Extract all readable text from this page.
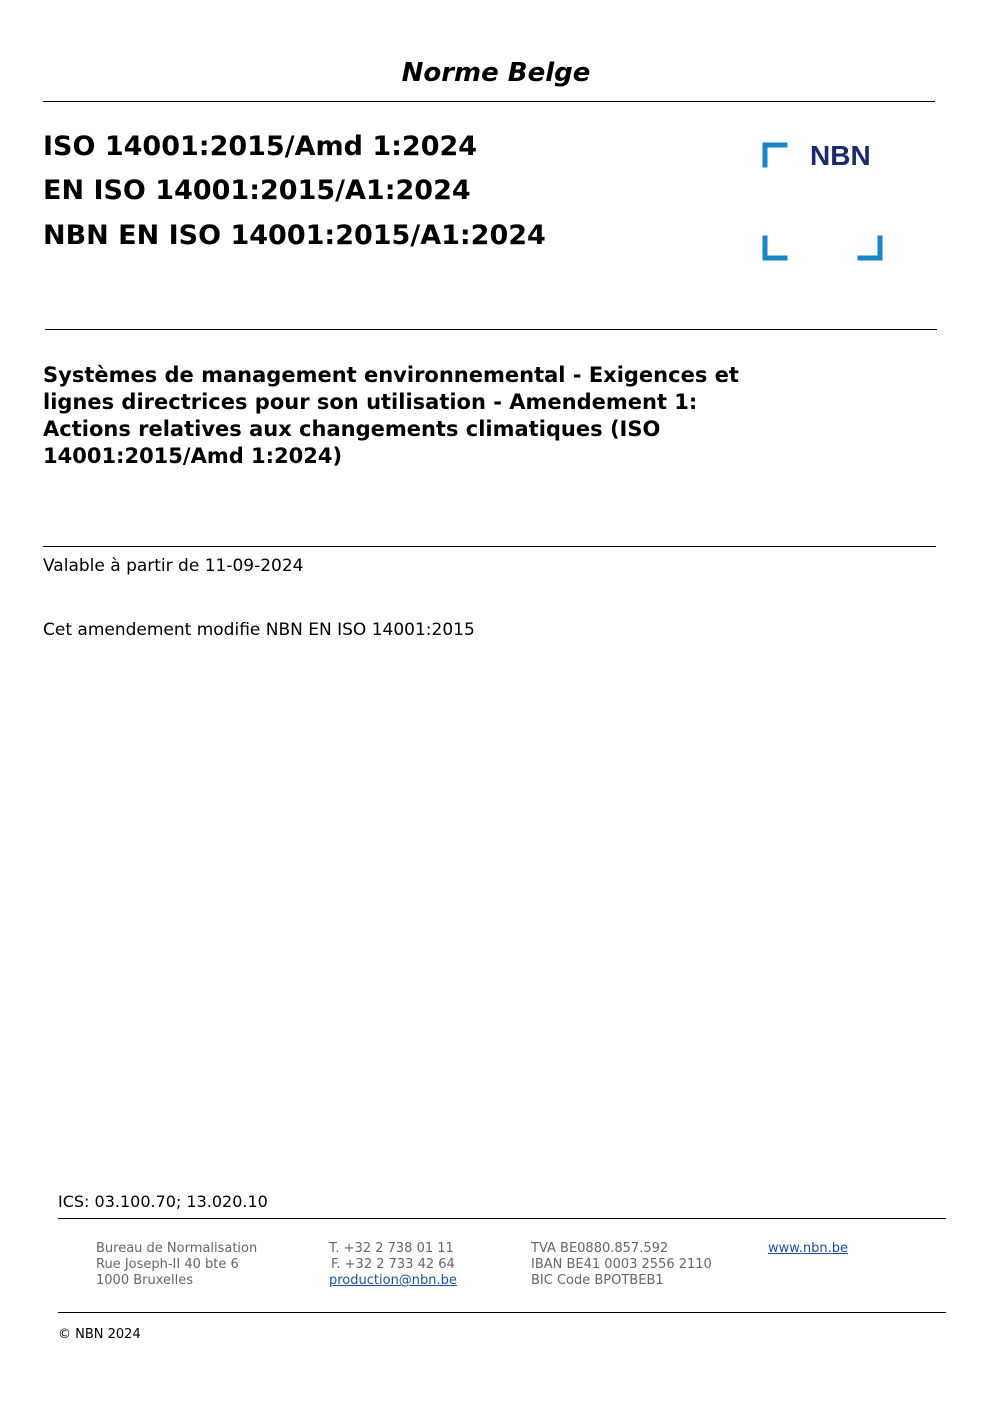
Norme Belge
ISO 14001:2015/Amd 1:2024
EN ISO 14001:2015/A1:2024
NBN EN ISO 14001:2015/A1:2024
NBN
Systèmes de management environnemental - Exigences et
lignes directrices pour son utilisation - Amendement 1:
Actions relatives aux changements climatiques (ISO
14001:2015/Amd 1:2024)
Valable à partir de 11-09-2024
Cet amendement modifie NBN EN ISO 14001:2015
ICS: 03.100.70; 13.020.10
Bureau de Normalisation
Rue Joseph-II 40 bte 6
1000 Bruxelles
T. +32 2 738 01 11
F. +32 2 733 42 64
production@nbn.be
TVA BE0880.857.592
IBAN BE41 0003 2556 2110
BIC Code BPOTBEB1
www.nbn.be
© NBN 2024
